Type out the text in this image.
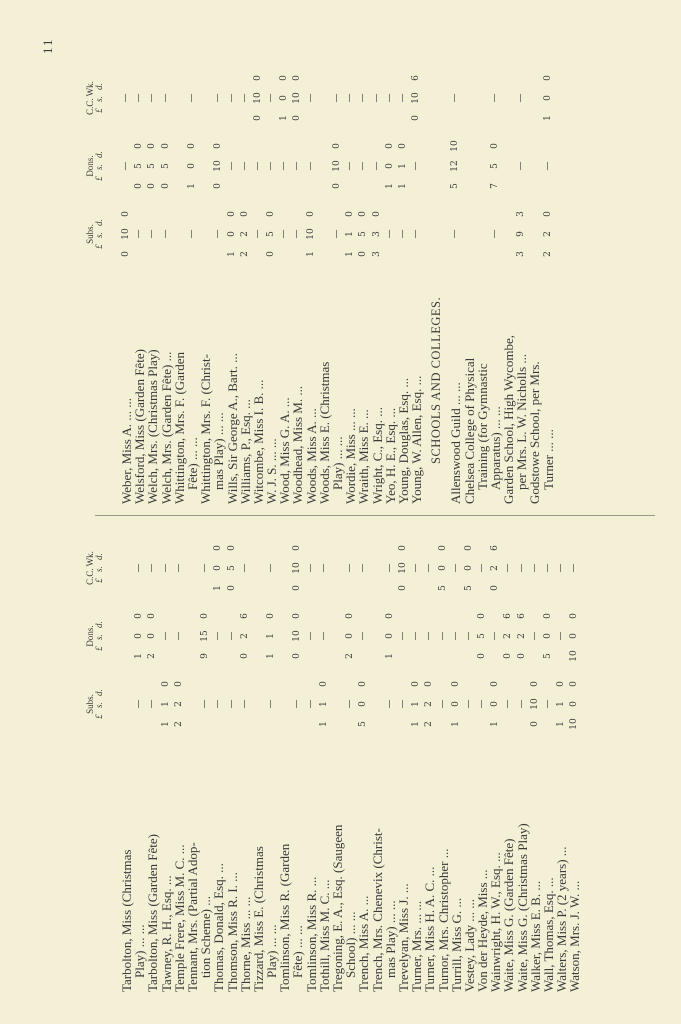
11
Subs. £ s. d.
Dons. £ s. d.
C.C. Wk. £ s. d.
Tarbolton, Miss (Christmas
Play) ... ...
—
1
0
0
—
Tarbolton, Miss (Garden Fête)
—
2
0
0
—
Tawney, R. H., Esq. ...
1
1
0
—
—
Temple Frere, Miss M. C. ...
2
2
0
—
—
Tennant, Mrs. (Partial Adop-
tion Scheme) ...
—
9
15
0
—
Thomas, Donald, Esq. ...
—
—
1
0
0
Thomson, Miss R. I. ...
—
—
0
5
0
Thorne, Miss ... ...
—
0
2
6
—
Tizzard, Miss E. (Christmas
Play) ... ...
—
1
1
0
—
Tomlinson, Miss R. (Garden
Fête) ... ...
—
0
10
0
0
10
0
Tomlinson, Miss R. ...
—
—
—
Tothill, Miss M. C. ...
1
1
0
—
—
Tregoning, E. A., Esq. (Saugeen
School) ... ...
—
2
0
0
—
Trench, Miss A. ...
5
0
0
—
—
Trench, Mrs. Chenevix (Christ-
mas Play) ... ...
—
1
0
0
—
Trevelyan, Miss J. ...
—
—
0
10
0
Turner, Mrs. ... ...
1
1
0
—
—
Turner, Miss H. A. C. ...
2
2
0
—
—
Turnor, Mrs. Christopher ...
—
—
5
0
0
Turrill, Miss G. ...
1
0
0
—
—
Vestey, Lady ... ...
—
—
5
0
0
Von der Heyde, Miss ...
—
0
5
0
—
Wainwright, H. W., Esq. ...
1
0
0
—
0
2
6
Waite, Miss G. (Garden Fête)
—
0
2
6
—
Waite, Miss G. (Christmas Play)
—
0
2
6
—
Walker, Miss E. B. ...
0
10
0
—
—
Wall, Thomas, Esq. ...
—
5
0
0
—
Walters, Miss P. (2 years) ...
1
1
0
—
—
Watson, Mrs. J. W. ...
10
0
0
10
0
0
—
Subs. £ s. d.
Dons. £ s. d.
C.C. Wk. £ s. d.
Weber, Miss A. ... ...
0
10
0
—
—
Welsford, Miss (Garden Fête)
—
0
5
0
—
Welch, Mrs. (Christmas Play)
—
0
5
0
—
Welch, Mrs. (Garden Fête) ...
—
0
5
0
—
Whittington, Mrs. F. (Garden
Fête) ... ...
—
1
0
0
—
Whittington, Mrs. F. (Christ-
mas Play) ... ...
—
0
10
0
—
Wills, Sir George A., Bart. ...
1
0
0
—
—
Williams, P., Esq. ...
2
2
0
—
—
Witcombe, Miss I. B. ...
—
—
0
10
0
W. J. S. ... ...
0
5
0
—
—
Wood, Miss G. A. ...
—
—
1
0
0
Woodhead, Miss M. ...
—
—
0
10
0
Woods, Miss A. ...
1
10
0
—
—
Woods, Miss E. (Christmas
Play) ... ...
—
0
10
0
—
Wordie, Miss ... ...
1
1
0
—
—
Wraith, Miss E. ...
0
5
0
—
—
Wright, C., Esq. ...
3
3
0
—
—
Yeo, H. E., Esq. ...
—
1
0
0
—
Young, Douglas, Esq. ...
—
1
1
0
—
Young, W. Allen, Esq. ...
—
—
0
10
6
SCHOOLS AND COLLEGES. Allenswood Guild ... ...
—
5
12
10
—
Chelsea College of Physical
Training (for Gymnastic
Apparatus) ... ...
—
7
5
0
—
Garden School, High Wycombe,
per Mrs. L. W. Nicholls ...
3
9
3
—
—
Godstowe School, per Mrs.
Turner ... ...
2
2
0
—
1
0
0
